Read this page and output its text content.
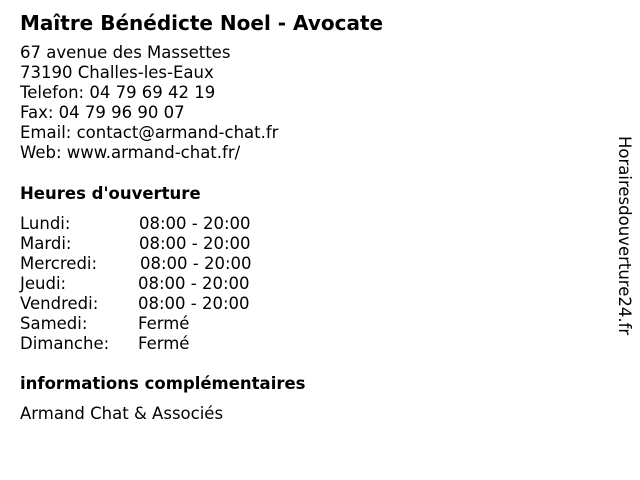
Maître Bénédicte Noel - Avocate
67 avenue des Massettes
73190 Challes-les-Eaux
Telefon: 04 79 69 42 19
Fax: 04 79 96 90 07
Email: contact@armand-chat.fr
Web: www.armand-chat.fr/
Heures d'ouverture
Lundi:	08:00 - 20:00
Mardi:	08:00 - 20:00
Mercredi:	08:00 - 20:00
Jeudi:	08:00 - 20:00
Vendredi: 08:00 - 20:00
Samedi:	Fermé
Dimanche: Fermé
informations complémentaires
Armand Chat & Associés
Horairesdouverture24.fr
